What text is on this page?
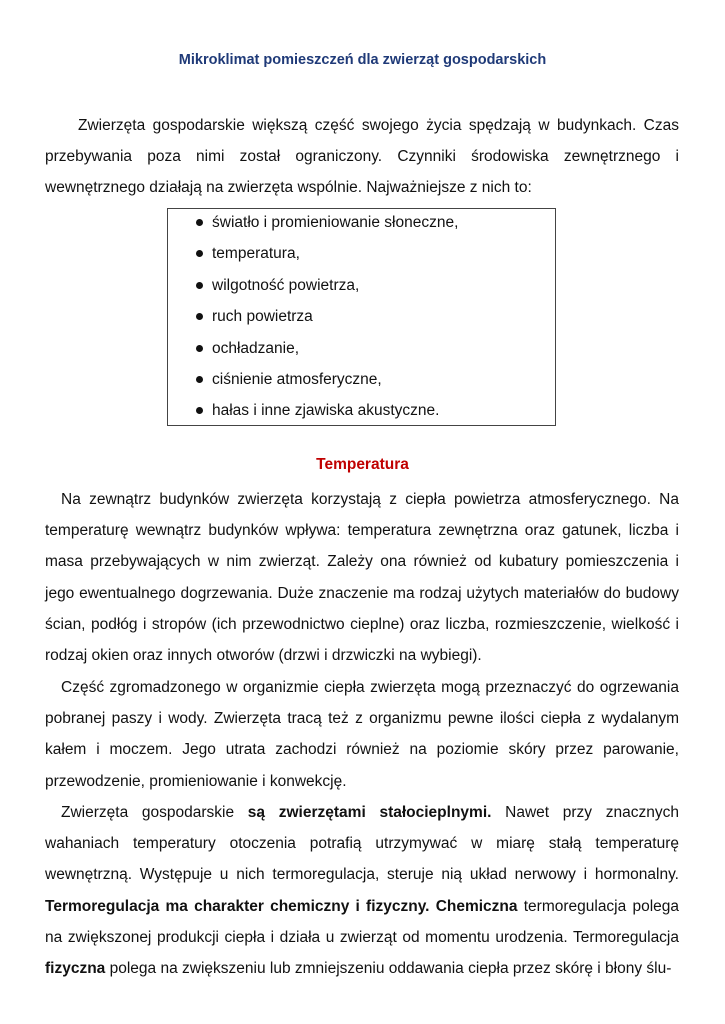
Mikroklimat pomieszczeń dla zwierząt gospodarskich

Zwierzęta gospodarskie większą część swojego życia spędzają w budynkach. Czas przebywania poza nimi został ograniczony. Czynniki środowiska zewnętrznego i wewnętrznego działają na zwierzęta wspólnie. Najważniejsze z nich to:

światło i promieniowanie słoneczne,
temperatura,
wilgotność powietrza,
ruch powietrza
ochładzanie,
ciśnienie atmosferyczne,
hałas i inne zjawiska akustyczne.
Temperatura

Na zewnątrz budynków zwierzęta korzystają z ciepła powietrza atmosferycznego. Na temperaturę wewnątrz budynków wpływa: temperatura zewnętrzna oraz gatunek, liczba i masa przebywających w nim zwierząt. Zależy ona również od kubatury pomieszczenia i jego ewentualnego dogrzewania. Duże znaczenie ma rodzaj użytych materiałów do budowy ścian, podłóg i stropów (ich przewodnictwo cieplne) oraz liczba, rozmieszczenie, wielkość i rodzaj okien oraz innych otworów (drzwi i drzwiczki na wybiegi).

Część zgromadzonego w organizmie ciepła zwierzęta mogą przeznaczyć do ogrzewania pobranej paszy i wody. Zwierzęta tracą też z organizmu pewne ilości ciepła z wydalanym kałem i moczem. Jego utrata zachodzi również na poziomie skóry przez parowanie, przewodzenie, promieniowanie i konwekcję.

Zwierzęta gospodarskie są zwierzętami stałocieplnymi. Nawet przy znacznych wahaniach temperatury otoczenia potrafią utrzymywać w miarę stałą temperaturę wewnętrzną. Występuje u nich termoregulacja, steruje nią układ nerwowy i hormonalny. Termoregulacja ma charakter chemiczny i fizyczny. Chemiczna termoregulacja polega na zwiększonej produkcji ciepła i działa u zwierząt od momentu urodzenia. Termoregulacja fizyczna polega na zwiększeniu lub zmniejszeniu oddawania ciepła przez skórę i błony ślu-
